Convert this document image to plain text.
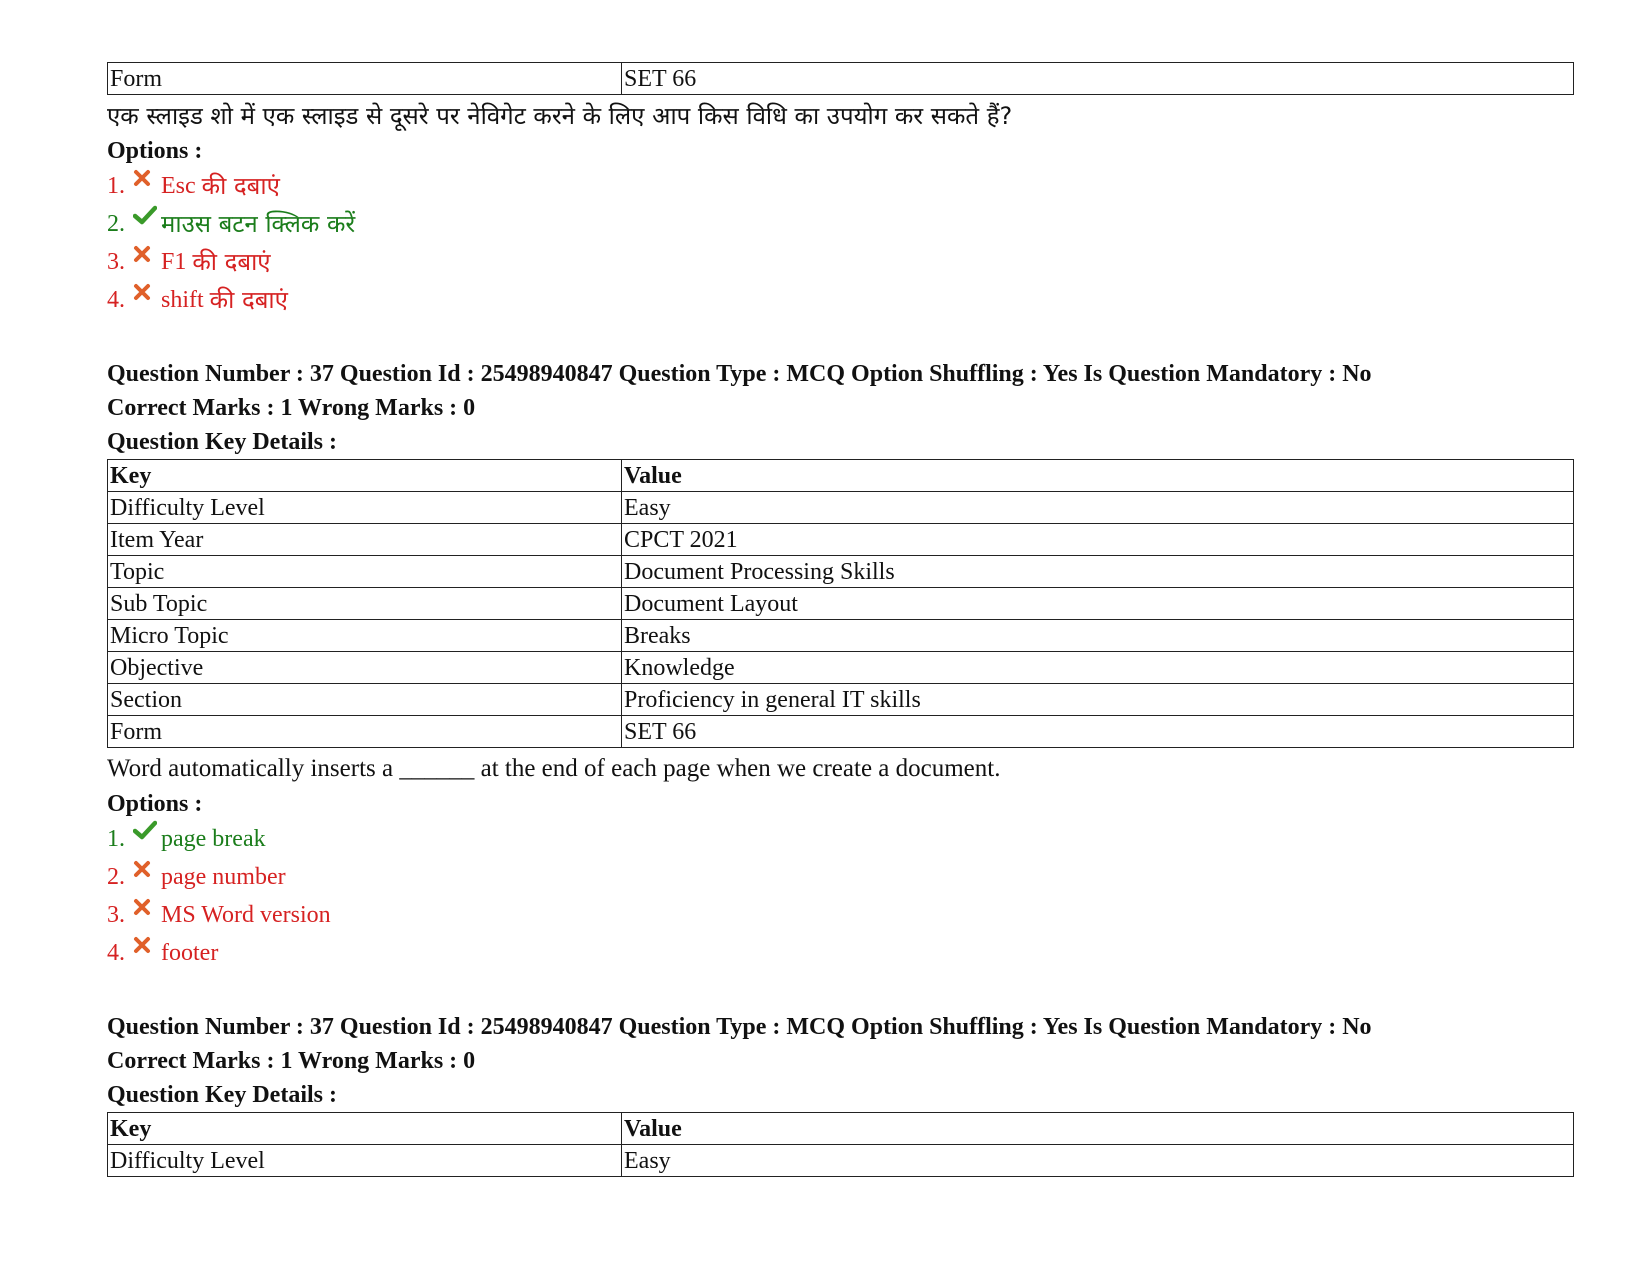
Form	SET 66
एक स्लाइड शो में एक स्लाइड से दूसरे पर नेविगेट करने के लिए आप किस विधि का उपयोग कर सकते हैं?
Options :
1.	Esc
की दबाएं
2.	माउस बटन क्लिक करें
3.	F1
की दबाएं
4.	shift
की दबाएं
Question Number : 37 Question Id : 25498940847 Question Type : MCQ Option Shuffling : Yes Is Question Mandatory : No
Correct Marks : 1 Wrong Marks : 0
Question Key Details :
Key	Value
Difficulty Level	Easy
Item Year	CPCT 2021
Topic	Document Processing Skills
Sub Topic	Document Layout
Micro Topic	Breaks
Objective	Knowledge
Section	Proficiency in general IT skills
Form	SET 66
Word automatically inserts a ______ at the end of each page when we create a document.
Options :
1.	page break
2.	page number
3.	MS Word version
4.	footer
Question Number : 37 Question Id : 25498940847 Question Type : MCQ Option Shuffling : Yes Is Question Mandatory : No
Correct Marks : 1 Wrong Marks : 0
Question Key Details :
Key	Value
Difficulty Level	Easy
